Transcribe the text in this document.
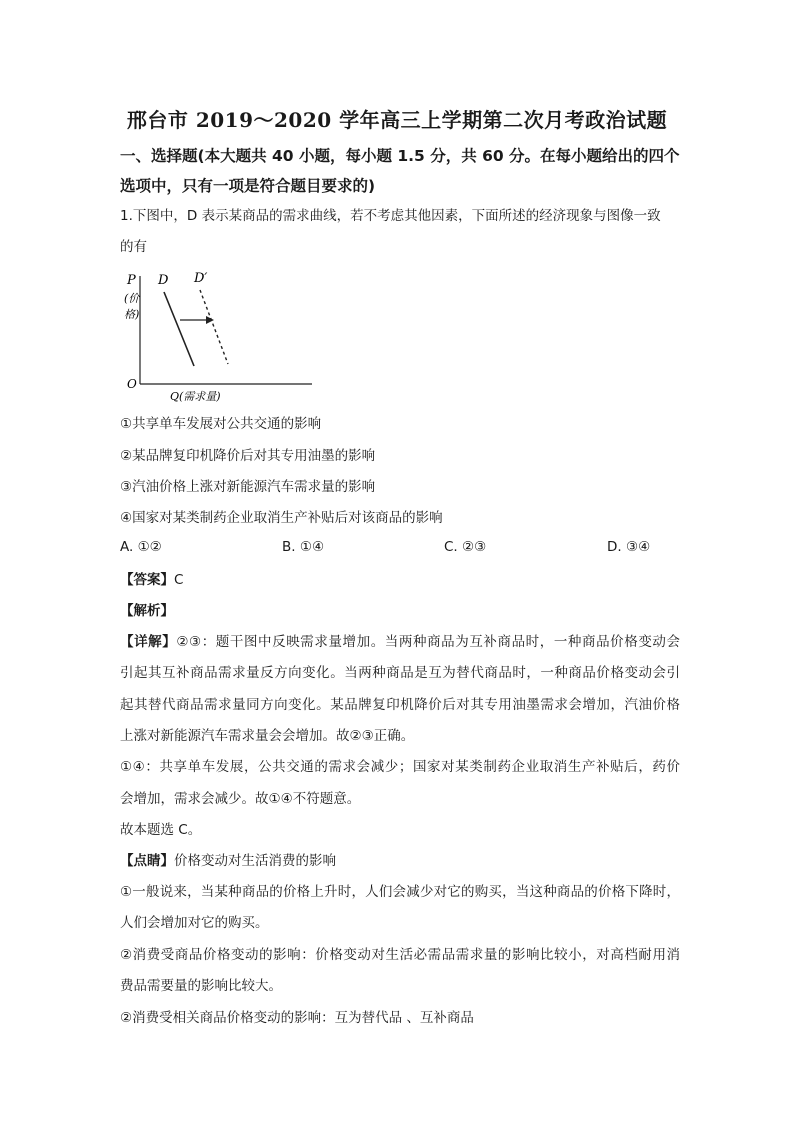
邢台市 2019～2020 学年高三上学期第二次月考政治试题
一、选择题(本大题共 40 小题，每小题 1.5 分，共 60 分。在每小题给出的四个
选项中，只有一项是符合题目要求的)
1.下图中，D 表示某商品的需求曲线，若不考虑其他因素，下面所述的经济现象与图像一致
的有
P
(价
格)
O
Q(需求量)
D D′
①共享单车发展对公共交通的影响
②某品牌复印机降价后对其专用油墨的影响
③汽油价格上涨对新能源汽车需求量的影响
④国家对某类制药企业取消生产补贴后对该商品的影响
A. ①②	B. ①④	C. ②③	D. ③④
【答案】C
【解析】
【详解】②③：题干图中反映需求量增加。当两种商品为互补商品时，一种商品价格变动会
引起其互补商品需求量反方向变化。当两种商品是互为替代商品时，一种商品价格变动会引
起其替代商品需求量同方向变化。某品牌复印机降价后对其专用油墨需求会增加，汽油价格
上涨对新能源汽车需求量会会增加。故②③正确。
①④：共享单车发展，公共交通的需求会减少；国家对某类制药企业取消生产补贴后，药价
会增加，需求会减少。故①④不符题意。
故本题选 C。
【点睛】价格变动对生活消费的影响
①一般说来，当某种商品的价格上升时，人们会减少对它的购买，当这种商品的价格下降时，
人们会增加对它的购买。
②消费受商品价格变动的影响：价格变动对生活必需品需求量的影响比较小，对高档耐用消
费品需要量的影响比较大。
②消费受相关商品价格变动的影响：互为替代品 、互补商品
